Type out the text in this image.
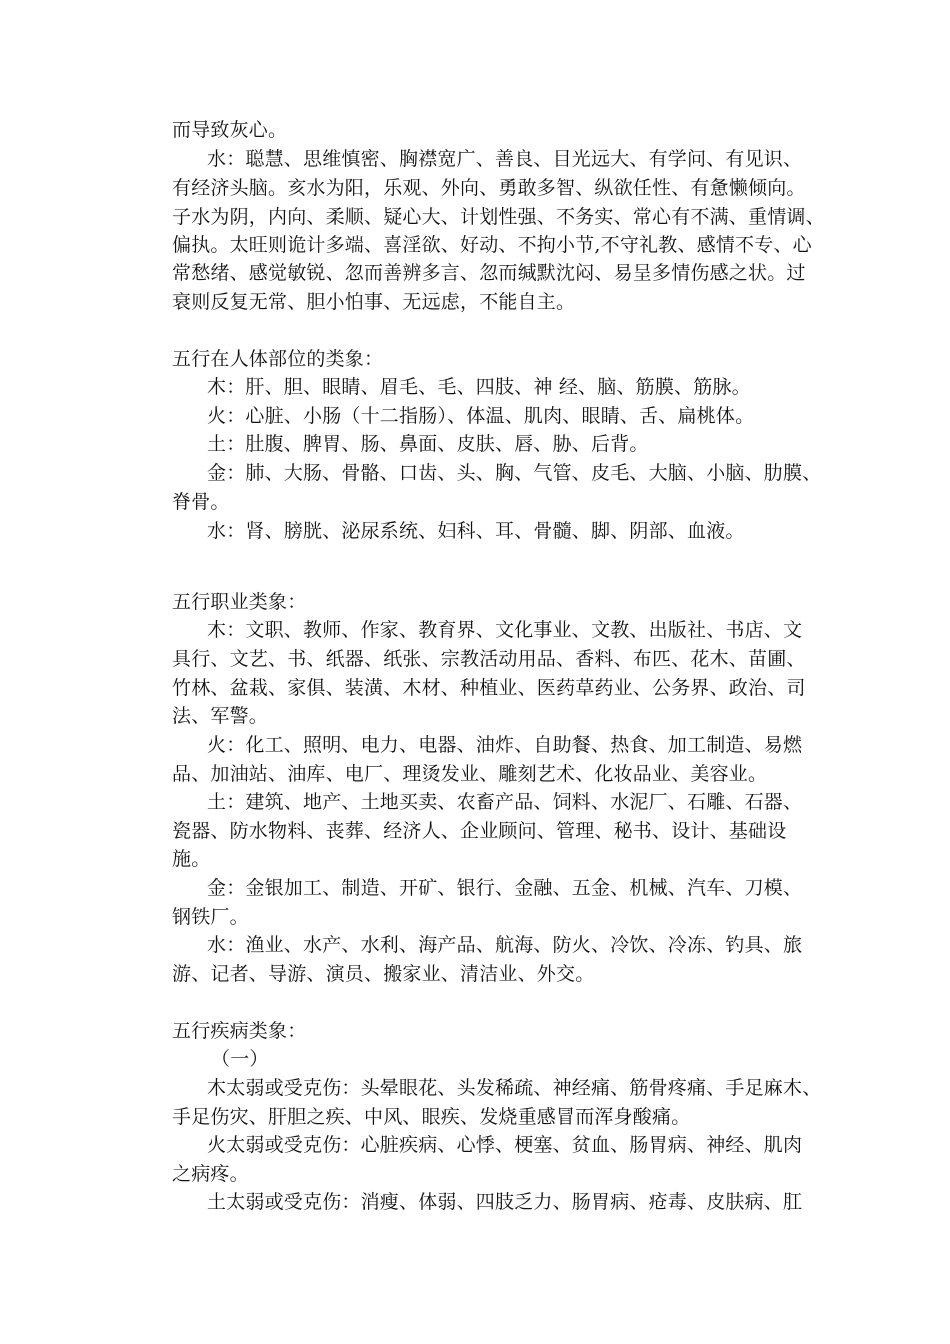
而导致灰心。
水：聪慧、思维慎密、胸襟宽广、善良、目光远大、有学问、有见识、
有经济头脑。亥水为阳，乐观、外向、勇敢多智、纵欲任性、有惫懒倾向。
子水为阴，内向、柔顺、疑心大、计划性强、不务实、常心有不满、重情调、
偏执。太旺则诡计多端、喜淫欲、好动、不拘小节,不守礼教、感情不专、心
常愁绪、感觉敏锐、忽而善辨多言、忽而缄默沈闷、易呈多情伤感之状。过
衰则反复无常、胆小怕事、无远虑，不能自主。
五行在人体部位的类象：
木：肝、胆、眼睛、眉毛、毛、四肢、神 经、脑、筋膜、筋脉。
火：心脏、小肠（十二指肠）、体温、肌肉、眼睛、舌、扁桃体。
土：肚腹、脾胃、肠、鼻面、皮肤、唇、胁、后背。
金：肺、大肠、骨骼、口齿、头、胸、气管、皮毛、大脑、小脑、肋膜、
脊骨。
水：肾、膀胱、泌尿系统、妇科、耳、骨髓、脚、阴部、血液。
五行职业类象：
木：文职、教师、作家、教育界、文化事业、文教、出版社、书店、文
具行、文艺、书、纸器、纸张、宗教活动用品、香料、布匹、花木、苗圃、
竹林、盆栽、家俱、装潢、木材、种植业、医药草药业、公务界、政治、司
法、军警。
火：化工、照明、电力、电器、油炸、自助餐、热食、加工制造、易燃
品、加油站、油库、电厂、理烫发业、雕刻艺术、化妆品业、美容业。
土：建筑、地产、土地买卖、农畜产品、饲料、水泥厂、石雕、石器、
瓷器、防水物料、丧葬、经济人、企业顾问、管理、秘书、设计、基础设
施。
金：金银加工、制造、开矿、银行、金融、五金、机械、汽车、刀模、
钢铁厂。
水：渔业、水产、水利、海产品、航海、防火、冷饮、冷冻、钓具、旅
游、记者、导游、演员、搬家业、清洁业、外交。
五行疾病类象：
（一）
木太弱或受克伤：头晕眼花、头发稀疏、神经痛、筋骨疼痛、手足麻木、
手足伤灾、肝胆之疾、中风、眼疾、发烧重感冒而浑身酸痛。
火太弱或受克伤：心脏疾病、心悸、梗塞、贫血、肠胃病、神经、肌肉
之病疼。
土太弱或受克伤：消瘦、体弱、四肢乏力、肠胃病、疮毒、皮肤病、肛
